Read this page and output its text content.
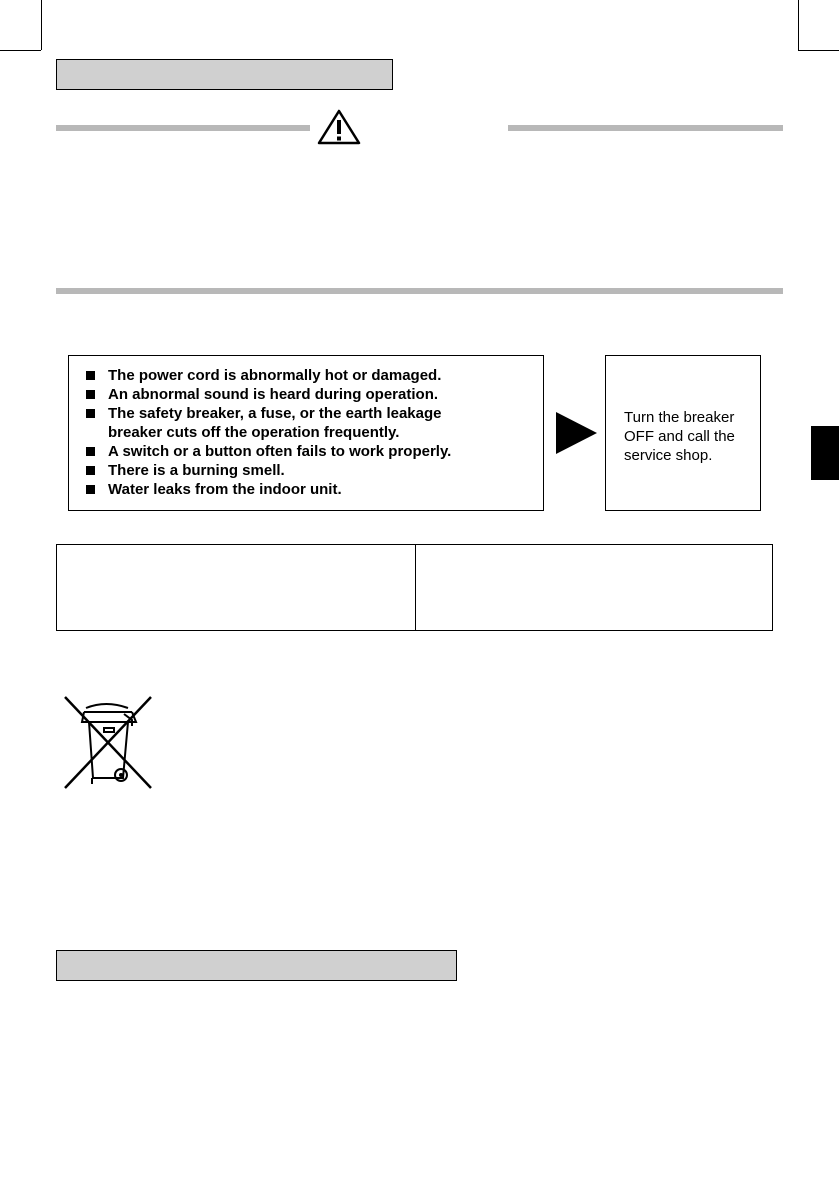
The power cord is abnormally hot or damaged.
An abnormal sound is heard during operation.
The safety breaker, a fuse, or the earth leakage breaker cuts off the operation frequently.
A switch or a button often fails to work properly.
There is a burning smell.
Water leaks from the indoor unit.
Turn the breaker OFF and call the service shop.
